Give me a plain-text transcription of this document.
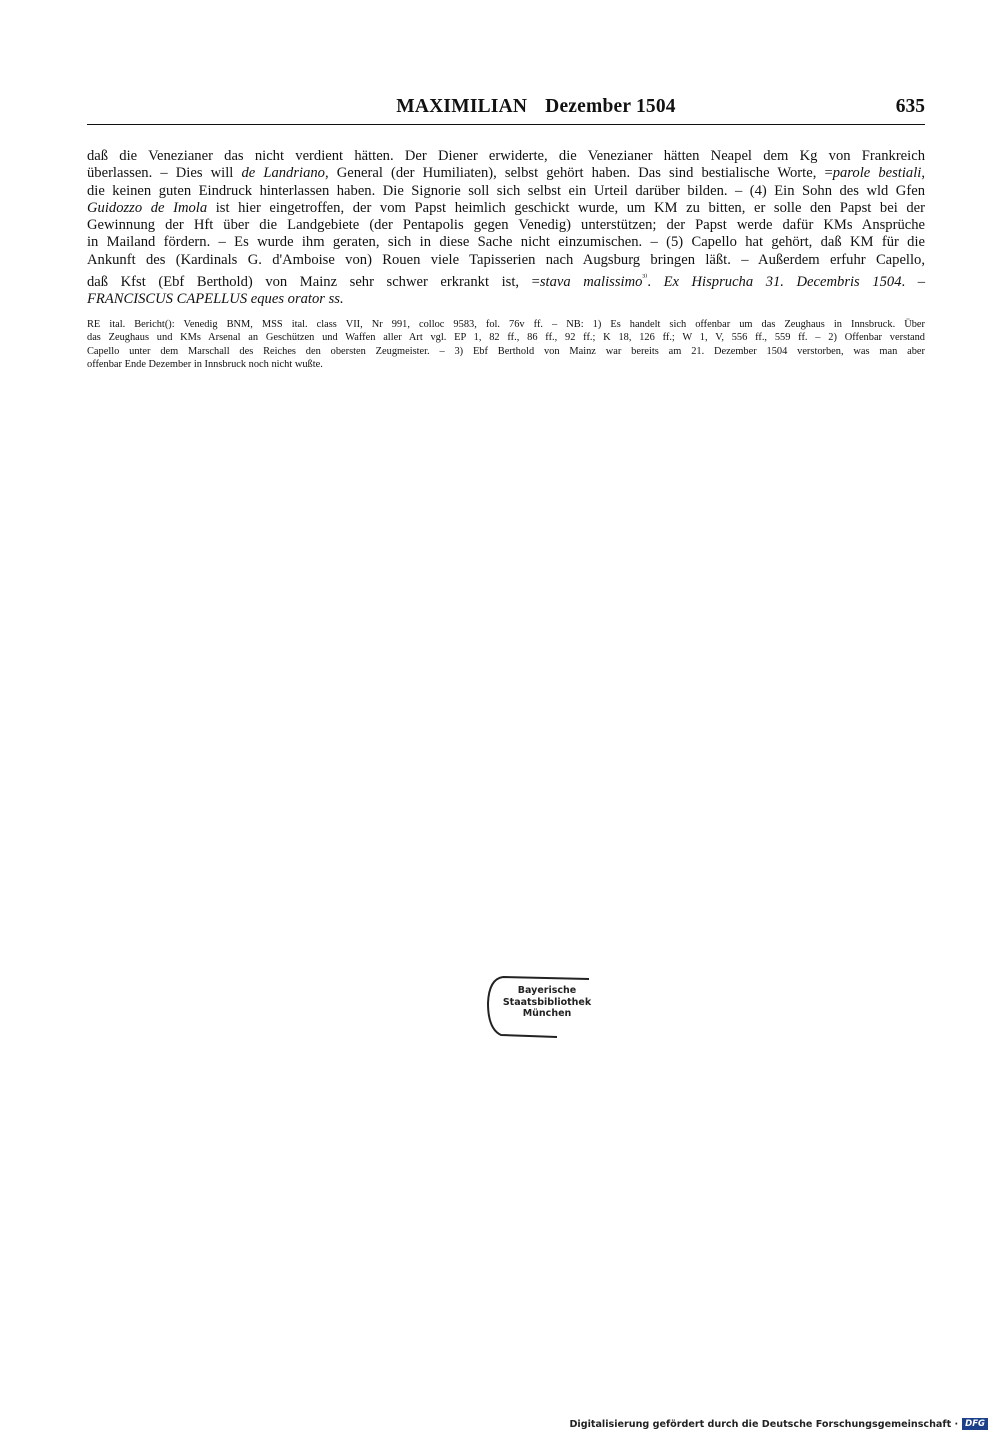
MAXIMILIAN Dezember 1504	635
daß die Venezianer das nicht verdient hätten. Der Diener erwiderte, die Venezianer hätten Neapel dem Kg von Frankreich
überlassen. – Dies will de Landriano, General (der Humiliaten), selbst gehört haben. Das sind bestialische Worte, =parole bestiali,
die keinen guten Eindruck hinterlassen haben. Die Signorie soll sich selbst ein Urteil darüber bilden. – (4) Ein Sohn des wld Gfen
Guidozzo de Imola ist hier eingetroffen, der vom Papst heimlich geschickt wurde, um KM zu bitten, er solle den Papst bei der
Gewinnung der Hft über die Landgebiete (der Pentapolis gegen Venedig) unterstützen; der Papst werde dafür KMs Ansprüche
in Mailand fördern. – Es wurde ihm geraten, sich in diese Sache nicht einzumischen. – (5) Capello hat gehört, daß KM für die
Ankunft des (Kardinals G. d'Amboise von) Rouen viele Tapisserien nach Augsburg bringen läßt. – Außerdem erfuhr Capello,
daß Kfst (Ebf Berthold) von Mainz sehr schwer erkrankt ist, =stava malissimo$^{^{3)}}$. Ex Hisprucha 31. Decembris 1504. –
FRANCISCUS CAPELLUS eques orator ss.
RE ital. Bericht(): Venedig BNM, MSS ital. class VII, Nr 991, colloc 9583, fol. 76v ff. – NB: 1) Es handelt sich offenbar um das Zeughaus in Innsbruck. Über
das Zeughaus und KMs Arsenal an Geschützen und Waffen aller Art vgl. EP 1, 82 ff., 86 ff., 92 ff.; K 18, 126 ff.; W 1, V, 556 ff., 559 ff. – 2) Offenbar verstand
Capello unter dem Marschall des Reiches den obersten Zeugmeister. – 3) Ebf Berthold von Mainz war bereits am 21. Dezember 1504 verstorben, was man aber
offenbar Ende Dezember in Innsbruck noch nicht wußte.
Bayerische
Staatsbibliothek
München
Digitalisierung gefördert durch die Deutsche Forschungsgemeinschaft · DFG
